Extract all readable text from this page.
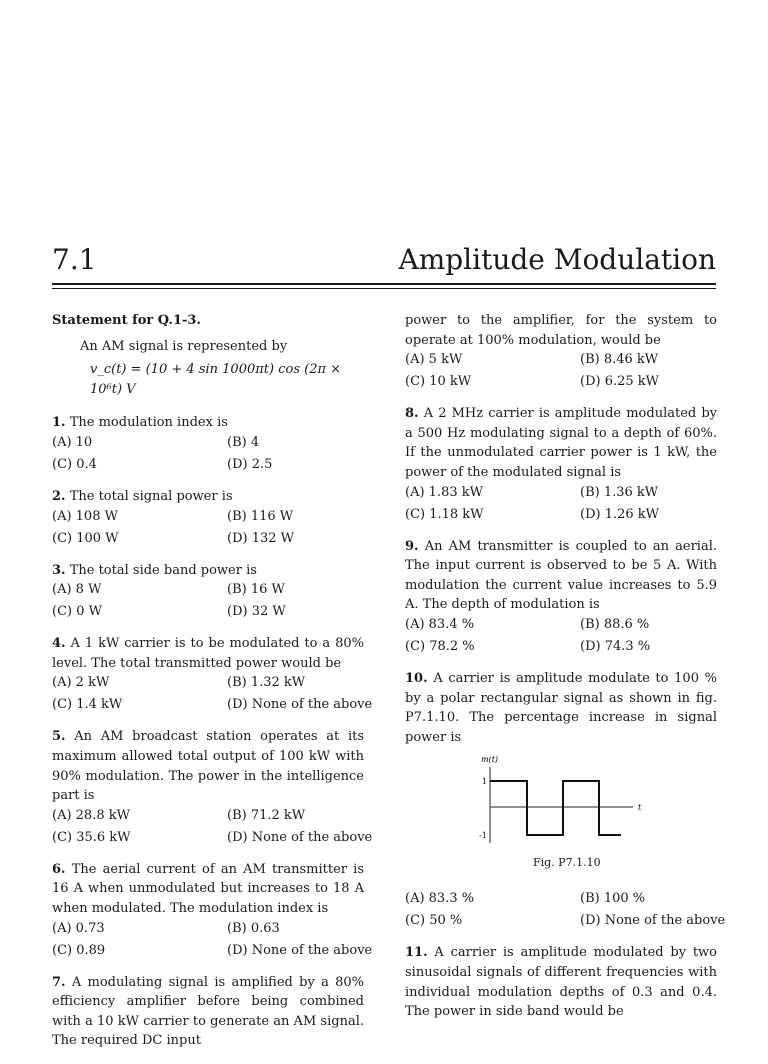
7.1	Amplitude Modulation
Statement for Q.1-3.
An AM signal is represented by
v_c(t) = (10 + 4 sin 1000πt) cos (2π × 10⁶t) V

1. The modulation index is

(A) 10	(B) 4
(C) 0.4	(D) 2.5

2. The total signal power is

(A) 108 W	(B) 116 W
(C) 100 W	(D) 132 W

3. The total side band power is

(A) 8 W	(B) 16 W
(C) 0 W	(D) 32 W

4. A 1 kW carrier is to be modulated to a 80% level. The total transmitted power would be

(A) 2 kW	(B) 1.32 kW
(C) 1.4 kW	(D) None of the above

5. An AM broadcast station operates at its maximum allowed total output of 100 kW with 90% modulation. The power in the intelligence part is

(A) 28.8 kW	(B) 71.2 kW
(C) 35.6 kW	(D) None of the above

6. The aerial current of an AM transmitter is 16 A when unmodulated but increases to 18 A when modulated. The modulation index is

(A) 0.73	(B) 0.63
(C) 0.89	(D) None of the above

7. A modulating signal is amplified by a 80% efficiency amplifier before being combined with a 10 kW carrier to generate an AM signal. The required DC input

power to the amplifier, for the system to operate at 100% modulation, would be

(A) 5 kW	(B) 8.46 kW
(C) 10 kW	(D) 6.25 kW

8. A 2 MHz carrier is amplitude modulated by a 500 Hz modulating signal to a depth of 60%. If the unmodulated carrier power is 1 kW, the power of the modulated signal is

(A) 1.83 kW	(B) 1.36 kW
(C) 1.18 kW	(D) 1.26 kW

9. An AM transmitter is coupled to an aerial. The input current is observed to be 5 A. With modulation the current value increases to 5.9 A. The depth of modulation is

(A) 83.4 %	(B) 88.6 %
(C) 78.2 %	(D) 74.3 %

10. A carrier is amplitude modulate to 100 % by a polar rectangular signal as shown in fig. P7.1.10. The percentage increase in signal power is

m(t)
t
1
-1
Fig. P7.1.10
(A) 83.3 %	(B) 100 %
(C) 50 %	(D) None of the above

11. A carrier is amplitude modulated by two sinusoidal signals of different frequencies with individual modulation depths of 0.3 and 0.4. The power in side band would be
